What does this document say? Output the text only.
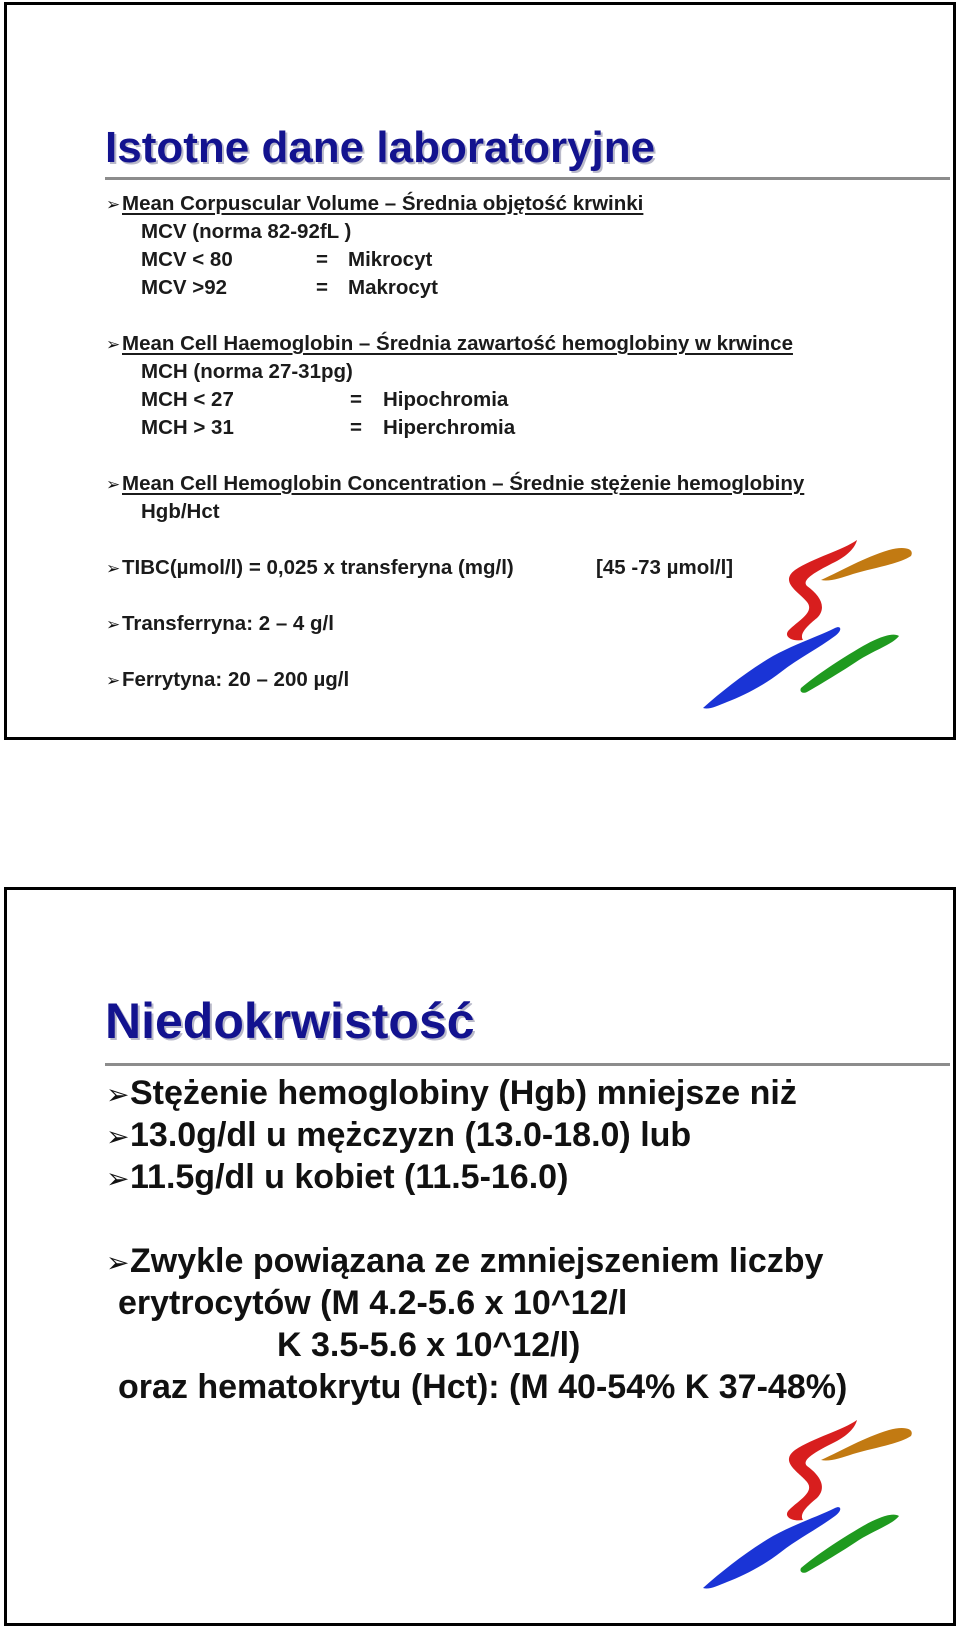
Istotne dane laboratoryjne
➢Mean Corpuscular Volume – Średnia objętość krwinki
MCV (norma 82-92fL )
MCV < 80	= Mikrocyt
MCV >92	= Makrocyt
➢Mean Cell Haemoglobin – Średnia zawartość hemoglobiny w krwince
MCH (norma 27-31pg)
MCH < 27	= Hipochromia
MCH > 31	= Hiperchromia
➢Mean Cell Hemoglobin Concentration – Średnie stężenie hemoglobiny
Hgb/Hct
➢TIBC(µmol/l) = 0,025 x transferyna (mg/l)	[45 -73 µmol/l]
➢Transferryna: 2 – 4 g/l
➢Ferrytyna: 20 – 200 µg/l
Niedokrwistość
➢Stężenie hemoglobiny (Hgb) mniejsze niż
➢13.0g/dl u mężczyzn (13.0-18.0) lub
➢11.5g/dl u kobiet (11.5-16.0)
➢Zwykle powiązana ze zmniejszeniem liczby
erytrocytów (M 4.2-5.6 x 10^12/l
K 3.5-5.6 x 10^12/l)
oraz hematokrytu (Hct): (M 40-54% K 37-48%)
